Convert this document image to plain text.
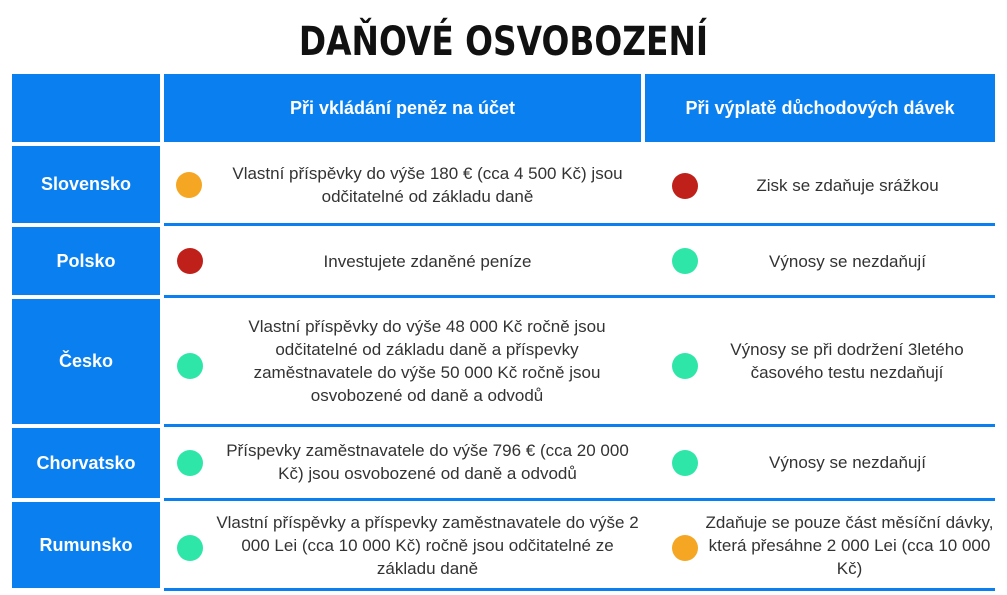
DAŇOVÉ OSVOBOZENÍ
Při vkládání peněz na účet	Při výplatě důchodových dávek
Slovensko
Polsko
Česko
Chorvatsko
Rumunsko
Vlastní příspěvky do výše 180 € (cca 4 500 Kč) jsou odčitatelné od základu daně
Zisk se zdaňuje srážkou
Investujete zdaněné peníze	Výnosy se nezdaňují
Vlastní příspěvky do výše 48 000 Kč ročně jsou odčitatelné od základu daně a příspevky zaměstnavatele do výše 50 000 Kč ročně jsou osvobozené od daně a odvodů
Výnosy se při dodržení 3letého časového testu nezdaňují
Příspevky zaměstnavatele do výše 796 € (cca 20 000 Kč) jsou osvobozené od daně a odvodů
Výnosy se nezdaňují
Vlastní příspěvky a příspevky zaměstnavatele do výše 2 000 Lei (cca 10 000 Kč) ročně jsou odčitatelné ze základu daně
Zdaňuje se pouze část měsíční dávky, která přesáhne 2 000 Lei (cca 10 000 Kč)
